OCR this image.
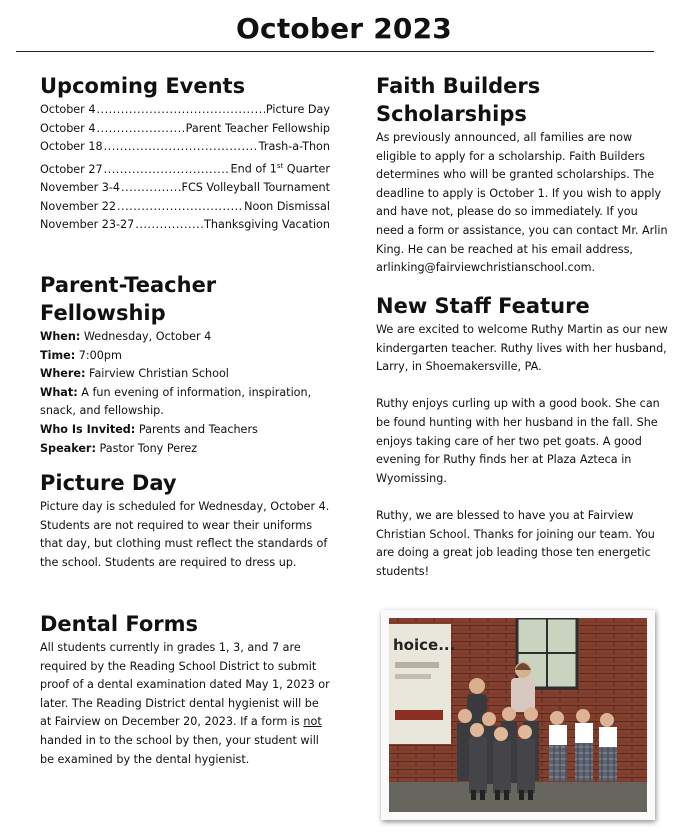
October 2023
Upcoming Events
October 4 .....	Picture Day
October 4 .....	Parent Teacher Fellowship
October 18 .....	Trash-a-Thon
October 27 .....	End of 1st Quarter
November 3-4 .....	FCS Volleyball Tournament
November 22 .....	Noon Dismissal
November 23-27 .....	Thanksgiving Vacation
Parent-Teacher Fellowship
When: Wednesday, October 4
Time: 7:00pm
Where: Fairview Christian School
What: A fun evening of information, inspiration, snack, and fellowship.
Who Is Invited: Parents and Teachers
Speaker: Pastor Tony Perez
Picture Day

Picture day is scheduled for Wednesday, October 4. Students are not required to wear their uniforms that day, but clothing must reflect the standards of the school. Students are required to dress up.

Dental Forms

All students currently in grades 1, 3, and 7 are required by the Reading School District to submit proof of a dental examination dated May 1, 2023 or later. The Reading District dental hygienist will be at Fairview on December 20, 2023. If a form is not handed in to the school by then, your student will be examined by the dental hygienist.

Faith Builders Scholarships

As previously announced, all families are now eligible to apply for a scholarship. Faith Builders determines who will be granted scholarships. The deadline to apply is October 1. If you wish to apply and have not, please do so immediately. If you need a form or assistance, you can contact Mr. Arlin King. He can be reached at his email address, arlinking@fairviewchristianschool.com.

New Staff Feature

We are excited to welcome Ruthy Martin as our new kindergarten teacher. Ruthy lives with her husband, Larry, in Shoemakersville, PA.

Ruthy enjoys curling up with a good book. She can be found hunting with her husband in the fall. She enjoys taking care of her two pet goats. A good evening for Ruthy finds her at Plaza Azteca in Wyomissing.

Ruthy, we are blessed to have you at Fairview Christian School. Thanks for joining our team. You are doing a great job leading those ten energetic students!

hoice...
